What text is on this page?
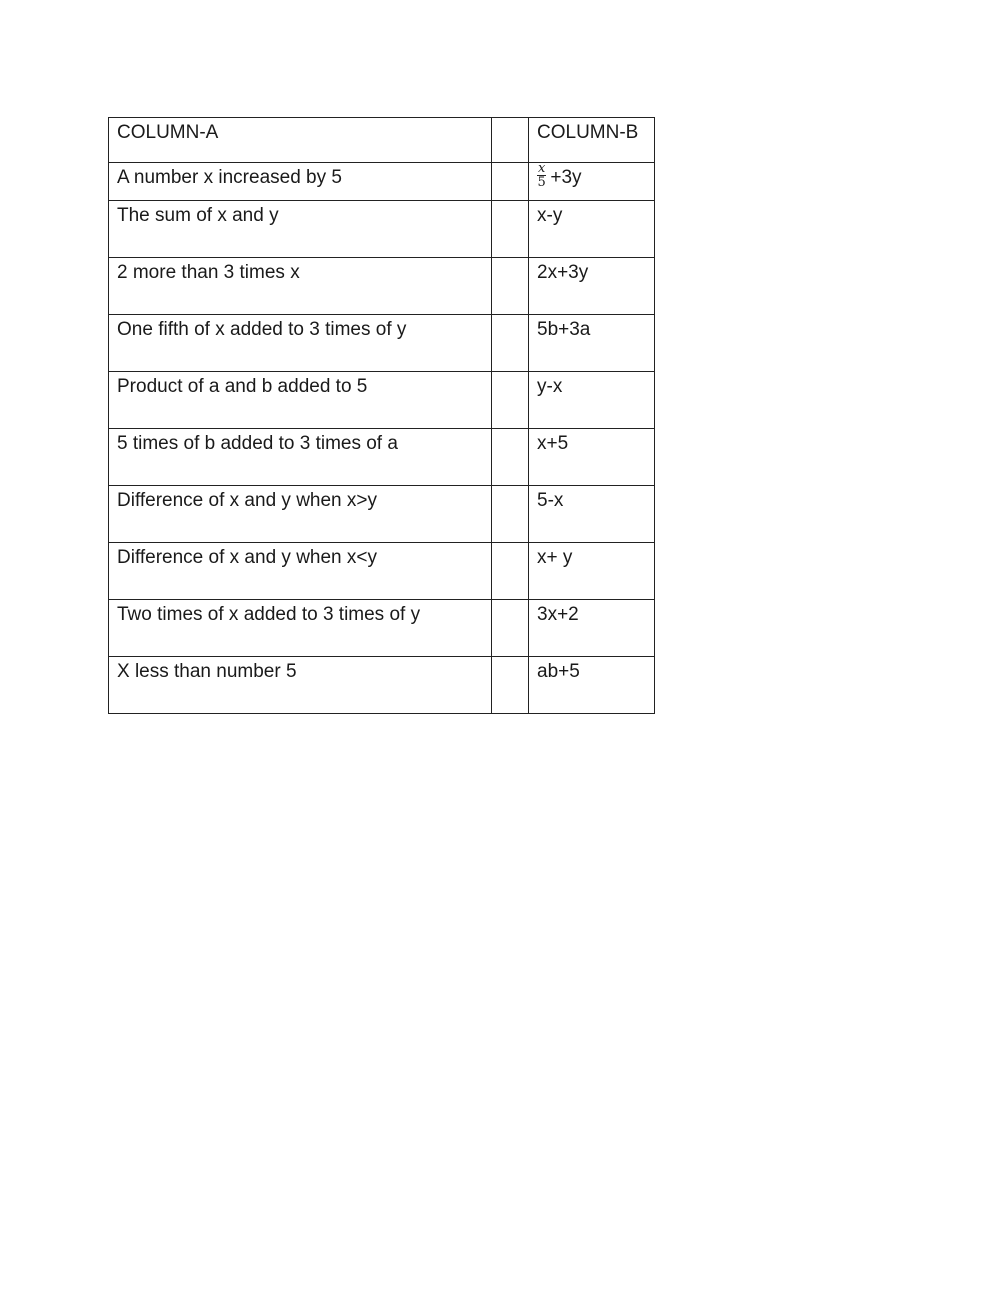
COLUMN-A		COLUMN-B
A number x increased by 5		$\frac{x}{5} +3y$
The sum of x and y		x-y
2 more than 3 times x		2x+3y
One fifth of x added to 3 times of y		5b+3a
Product of a and b added to 5		y-x
5 times of b added to 3 times of a		x+5
Difference of x and y when x>y		5-x
Difference of x and y when x<y		x+ y
Two times of x added to 3 times of y		3x+2
X less than number 5		ab+5
